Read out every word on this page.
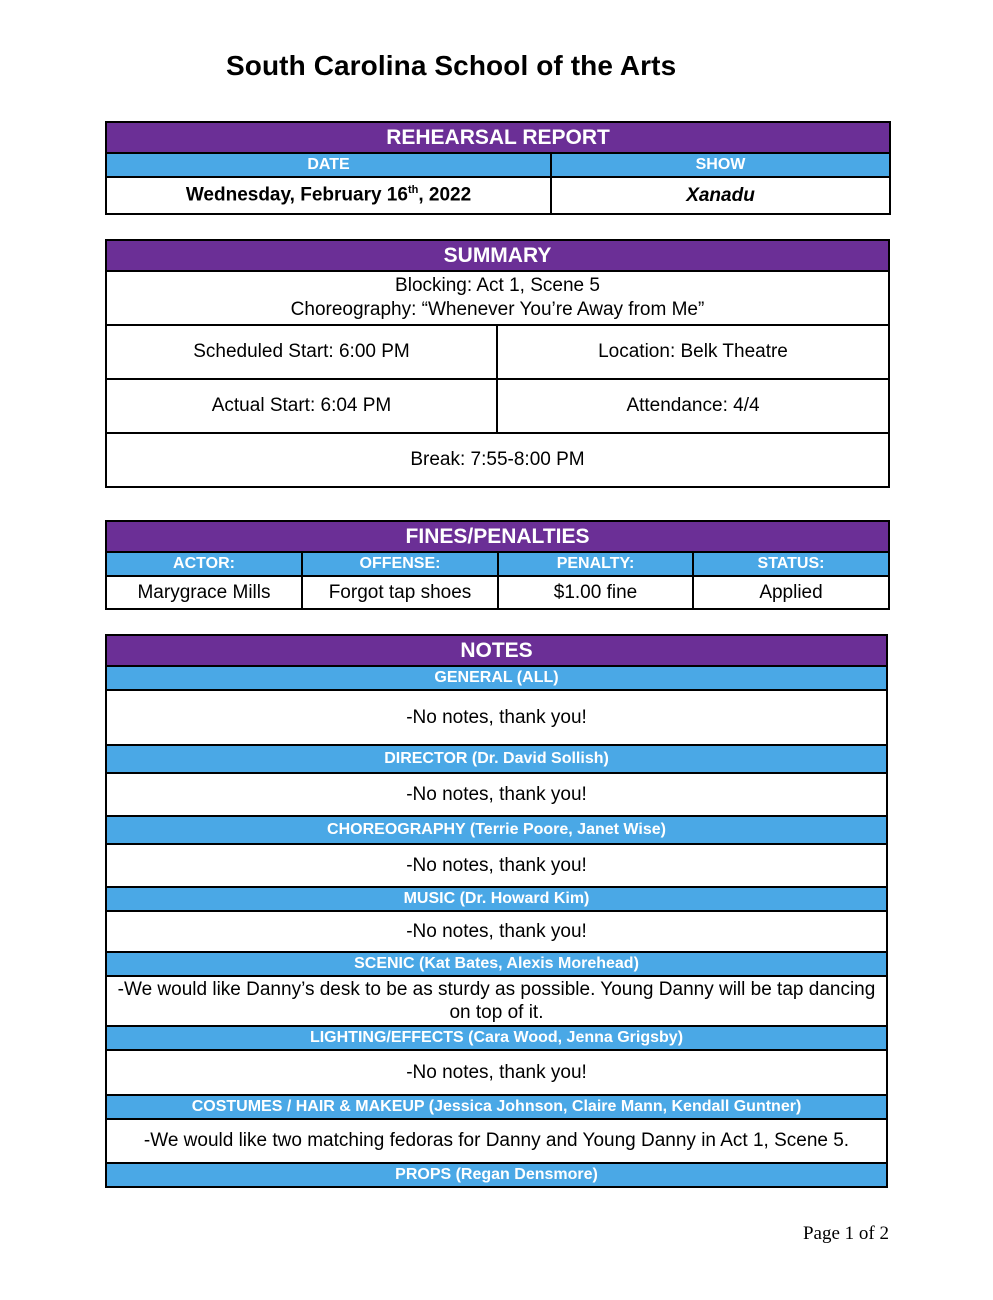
South Carolina School of the Arts
REHEARSAL REPORT	
DATE	SHOW
Wednesday, February 16th, 2022	Xanadu
SUMMARY	

Blocking: Act 1, Scene 5
Choreography: “Whenever You’re Away from Me”	

Scheduled Start: 6:00 PM	Location: Belk Theatre
Actual Start: 6:04 PM	Attendance: 4/4
Break: 7:55-8:00 PM	
FINES/PENALTIES			
ACTOR:	OFFENSE:	PENALTY:	STATUS:
Marygrace Mills	Forgot tap shoes	$1.00 fine	Applied
NOTES
GENERAL (ALL)
-No notes, thank you!
DIRECTOR (Dr. David Sollish)
-No notes, thank you!
CHOREOGRAPHY (Terrie Poore, Janet Wise)
-No notes, thank you!
MUSIC (Dr. Howard Kim)
-No notes, thank you!
SCENIC (Kat Bates, Alexis Morehead)
-We would like Danny’s desk to be as sturdy as possible. Young Danny will be tap dancing on top of it.
LIGHTING/EFFECTS (Cara Wood, Jenna Grigsby)
-No notes, thank you!
COSTUMES / HAIR & MAKEUP (Jessica Johnson, Claire Mann, Kendall Guntner)
-We would like two matching fedoras for Danny and Young Danny in Act 1, Scene 5.
PROPS (Regan Densmore)
Page 1 of 2
